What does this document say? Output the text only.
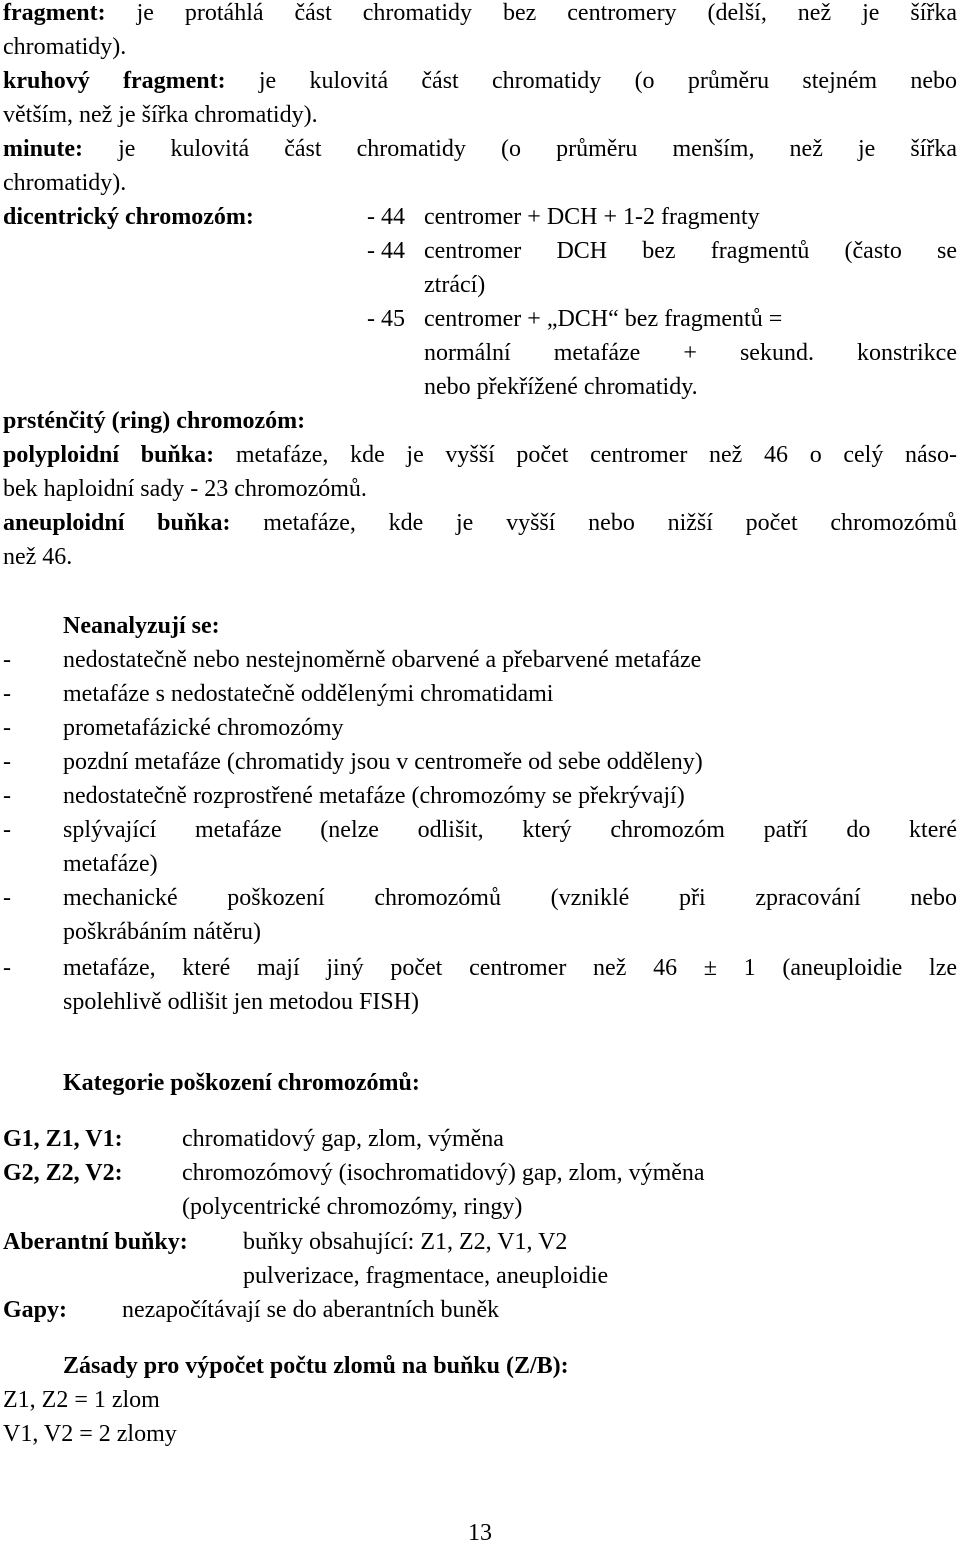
fragment: je protáhlá část chromatidy bez centromery (delší, než je šířka
chromatidy).
kruhový fragment: je kulovitá část chromatidy (o průměru stejném nebo
větším, než je šířka chromatidy).
minute: je kulovitá část chromatidy (o průměru menším, než je šířka
chromatidy).
dicentrický chromozóm:	- 44 centromer + DCH + 1-2 fragmenty
- 44 centromer DCH bez fragmentů (často se
ztrácí)
- 45 centromer + „DCH“ bez fragmentů =
normální metafáze + sekund. konstrikce
nebo překřížené chromatidy.
prsténčitý (ring) chromozóm:
polyploidní buňka: metafáze, kde je vyšší počet centromer než 46 o celý náso-
bek haploidní sady - 23 chromozómů.
aneuploidní buňka: metafáze, kde je vyšší nebo nižší počet chromozómů
než 46.
Neanalyzují se:
- nedostatečně nebo nestejnoměrně obarvené a přebarvené metafáze
- metafáze s nedostatečně oddělenými chromatidami
- prometafázické chromozómy
- pozdní metafáze (chromatidy jsou v centromeře od sebe odděleny)
- nedostatečně rozprostřené metafáze (chromozómy se překrývají)
- splývající metafáze (nelze odlišit, který chromozóm patří do které
metafáze)
- mechanické poškození chromozómů (vzniklé při zpracování nebo
poškrábáním nátěru)
- metafáze, které mají jiný počet centromer než 46 ± 1 (aneuploidie lze
spolehlivě odlišit jen metodou FISH)
Kategorie poškození chromozómů:
G1, Z1, V1: chromatidový gap, zlom, výměna
G2, Z2, V2: chromozómový (isochromatidový) gap, zlom, výměna
(polycentrické chromozómy, ringy)
Aberantní buňky: buňky obsahující: Z1, Z2, V1, V2
pulverizace, fragmentace, aneuploidie
Gapy: nezapočítávají se do aberantních buněk
Zásady pro výpočet počtu zlomů na buňku (Z/B):
Z1, Z2 = 1 zlom
V1, V2 = 2 zlomy
13
